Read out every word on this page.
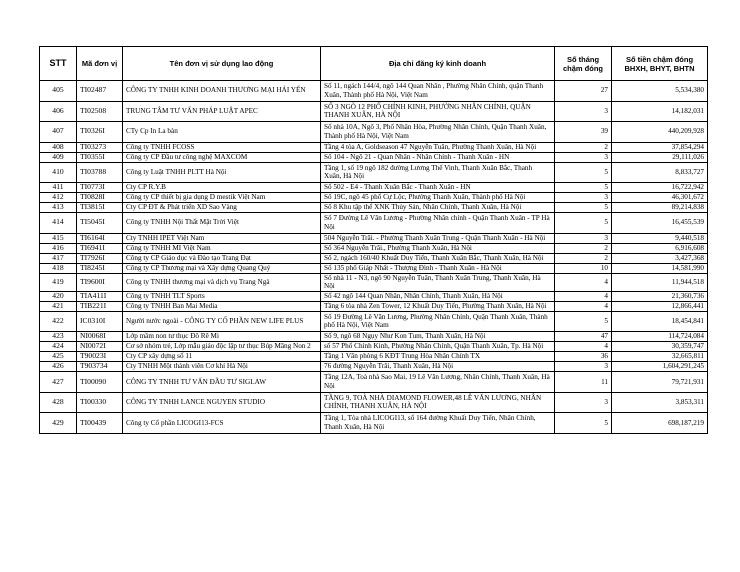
STT	Mã đơn vị	Tên đơn vị sử dụng lao động	Địa chỉ đăng ký kinh doanh	Số tháng chậm đóng	Số tiền chậm đóng BHXH, BHYT, BHTN
405	TI02487	CÔNG TY TNHH KINH DOANH THƯƠNG MẠI HẢI YẾN	Số 11, ngách 144/4, ngõ 144 Quan Nhân , Phường Nhân Chính, quận Thanh Xuân, Thành phố Hà Nội, Việt Nam	27	5,534,380
406	TI02508	TRUNG TÂM TƯ VẤN PHÁP LUẬT APEC	SỐ 3 NGÕ 12 PHỐ CHÍNH KINH, PHƯỜNG NHÂN CHÍNH, QUẬN THANH XUÂN, HÀ NỘI	3	14,182,031
407	TI0326I	CTy Cp In La bàn	Số nhà 10A, Ngõ 3, Phố Nhân Hòa, Phường Nhân Chính, Quận Thanh Xuân, Thành phố Hà Nội, Việt Nam	39	440,209,928
408	TI03273	Công ty TNHH FCOSS	Tầng 4 tòa A, Goldseason 47 Nguyễn Tuân, Phường Thanh Xuân, Hà Nội	2	37,854,294
409	TI0355I	Công ty CP Đầu tư công nghệ MAXCOM	Số 104 - Ngõ 21 - Quan Nhân - Nhân Chính - Thanh Xuân - HN	3	29,111,026
410	TI03788	Công ty Luật TNHH PLTT Hà Nội	Tầng 1, số 19 ngõ 182 đường Lương Thế Vinh, Thanh Xuân Bắc, Thanh Xuân, Hà Nội	5	8,833,727
411	TI0773I	Cty CP R.Y.B	Số 502 - E4 - Thanh Xuân Bắc - Thanh Xuân - HN	5	16,722,942
412	TI0828I	Công ty CP thiết bị gia dụng D mestik Việt Nam	Số 19C, ngõ 45 phố Cự Lộc, Phường Thanh Xuân, Thành phố Hà Nội	3	46,301,672
413	TI3815I	Cty CP ĐT & Phát triển XD Sao Vàng	Số 8 Khu tập thể XNK Thủy Sản, Nhân Chính, Thanh Xuân, Hà Nội	5	89,214,838
414	TI5045I	Công ty TNHH Nội Thất Mặt Trời Việt	Số 7 Đường Lê Văn Lương - Phường Nhân chính - Quận Thanh Xuân - TP Hà Nội	5	16,455,539
415	TI6164I	Cty TNHH IPET Việt Nam	504 Nguyễn Trãi. - Phường Thanh Xuân Trung - Quận Thanh Xuân - Hà Nội	3	9,440,518
416	TI6941I	Công ty TNHH MI Việt Nam	Số 364 Nguyễn Trãi., Phường Thanh Xuân, Hà Nội	2	6,916,608
417	TI7926I	Công ty CP Giáo dục và Đào tạo Trang Đạt	Số 2, ngách 160/40 Khuất Duy Tiến, Thanh Xuân Bắc, Thanh Xuân, Hà Nội	2	3,427,368
418	TI8245I	Công ty CP Thương mại và Xây dựng Quang Quý	Số 135 phố Giáp Nhất - Thượng Đình - Thanh Xuân - Hà Nội	10	14,581,990
419	TI9600I	Công ty TNHH thương mại và dịch vụ Trang Ngà	Số nhà 11 - N3, ngõ 90 Nguyễn Tuân, Thanh Xuân Trung, Thanh Xuân, Hà Nội	4	11,944,518
420	TIA411I	Công ty TNHH TLT Sports	Số 42 ngõ 144 Quan Nhân, Nhân Chính, Thanh Xuân, Hà Nội	4	21,360,736
421	TIB221I	Công ty TNHH Ban Mai Media	Tầng 6 tòa nhà Zen Tower, 12 Khuất Duy Tiến, Phường Thanh Xuân, Hà Nội	4	12,866,441
422	IC0310I	Người nước ngoài - CÔNG TY CỔ PHẦN NEW LIFE PLUS	Số 19 Đường Lê Văn Lương, Phường Nhân Chính, Quận Thanh Xuân, Thành phố Hà Nội, Việt Nam	5	18,454,841
423	NI0068I	Lớp mầm non tư thục Đô Rê Mi	Số 9, ngõ 68 Ngụy Như Kon Tum, Thanh Xuân, Hà Nội	47	114,724,084
424	NI0072I	Cơ sở nhóm trẻ, Lớp mẫu giáo độc lập tư thục Búp Măng Non 2	số 57 Phố Chính Kinh, Phường Nhân Chính, Quận Thanh Xuân, Tp. Hà Nội	4	30,359,747
425	T90023I	Cty CP xây dựng số 11	Tầng 1 Văn phòng 6 KĐT Trung Hòa Nhân Chính TX	36	32,665,811
426	T903734	Cty TNHH Một thành viên Cơ khí Hà Nội	76 đường Nguyễn Trãi, Thanh Xuân, Hà Nội	3	1,604,291,245
427	TI00090	CÔNG TY TNHH TƯ VẤN ĐẦU TƯ SIGLAW	Tầng 12A, Toà nhà Sao Mai, 19 Lê Văn Lương, Nhân Chính, Thanh Xuân, Hà Nội	11	79,721,931
428	TI00330	CÔNG TY TNHH LANCE NGUYEN STUDIO	TẦNG 9, TOÀ NHÀ DIAMOND FLOWER,48 LÊ VĂN LƯƠNG, NHÂN CHÍNH, THANH XUÂN, HÀ NỘI	3	3,853,311
429	TI00439	Công ty Cổ phần LICOGI13-FCS	Tầng 1, Tòa nhà LICOGI13, số 164 đường Khuất Duy Tiến, Nhân Chính, Thanh Xuân, Hà Nội	5	698,187,219
